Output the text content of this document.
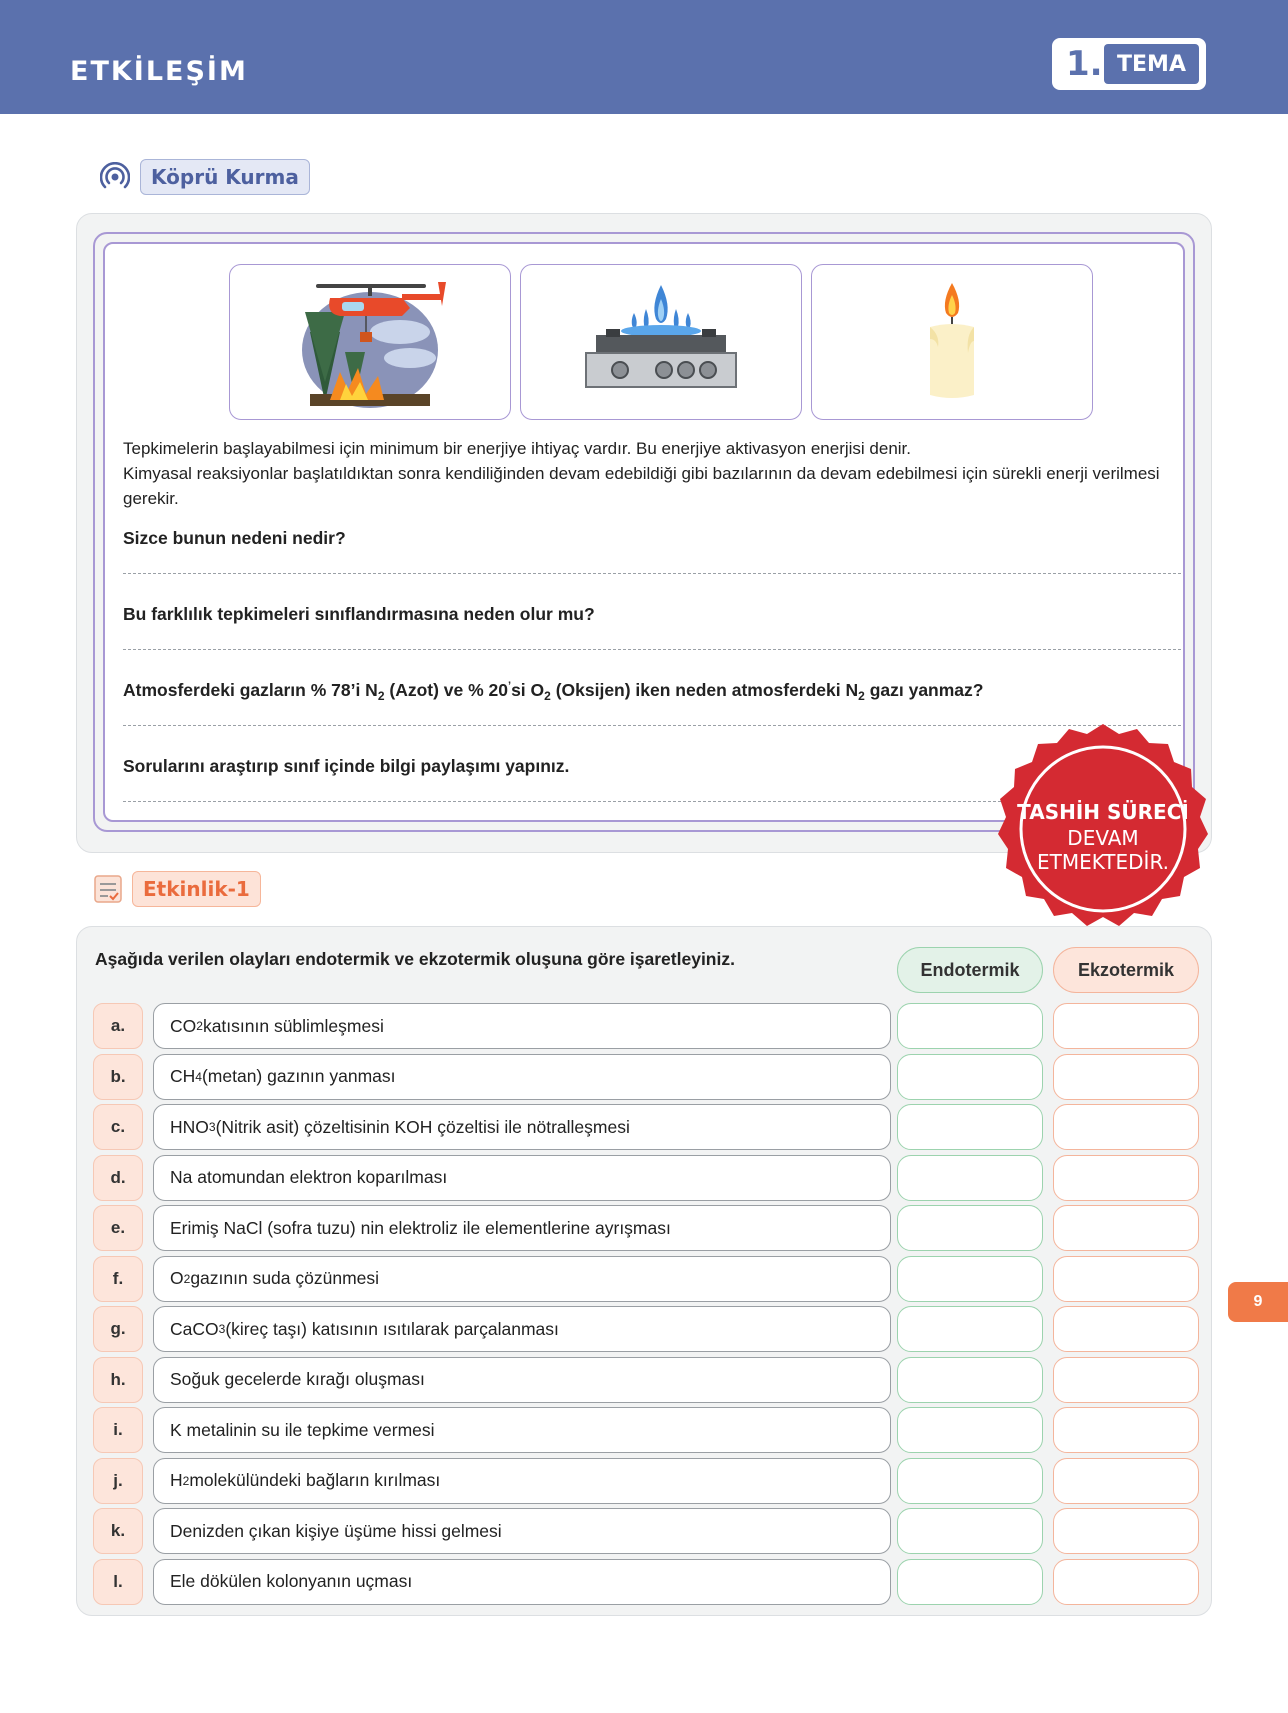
ETKİLEŞİM	1. TEMA
Köprü Kurma
Tepkimelerin başlayabilmesi için minimum bir enerjiye ihtiyaç vardır. Bu enerjiye aktivasyon enerjisi denir.
Kimyasal reaksiyonlar başlatıldıktan sonra kendiliğinden devam edebildiği gibi bazılarının da devam edebilmesi için sürekli enerji verilmesi gerekir.
Sizce bunun nedeni nedir?
Bu farklılık tepkimeleri sınıflandırmasına neden olur mu?
Atmosferdeki gazların % 78’i $N_2$ (Azot) ve % 20’si $O_2$ (Oksijen) iken neden atmosferdeki $N_2$ gazı yanmaz?
Sorularını araştırıp sınıf içinde bilgi paylaşımı yapınız.
TASHİH SÜRECİ
DEVAM
ETMEKTEDİR.
Etkinlik-1
Aşağıda verilen olayları endotermik ve ekzotermik oluşuna göre işaretleyiniz.
Endotermik	Ekzotermik
a.	CO 2 katısının süblimleşmesi
b.	CH 4 (metan) gazının yanması
c.	HNO 3 (Nitrik asit) çözeltisinin KOH çözeltisi ile nötralleşmesi
d.	Na atomundan elektron koparılması
e.	Erimiş NaCl (sofra tuzu) nin elektroliz ile elementlerine ayrışması
f.	O 2 gazının suda çözünmesi
g.	CaCO 3 (kireç taşı) katısının ısıtılarak parçalanması
h.	Soğuk gecelerde kırağı oluşması
i.	K metalinin su ile tepkime vermesi
j.	H 2 molekülündeki bağların kırılması
k.	Denizden çıkan kişiye üşüme hissi gelmesi
l.	Ele dökülen kolonyanın uçması
9
